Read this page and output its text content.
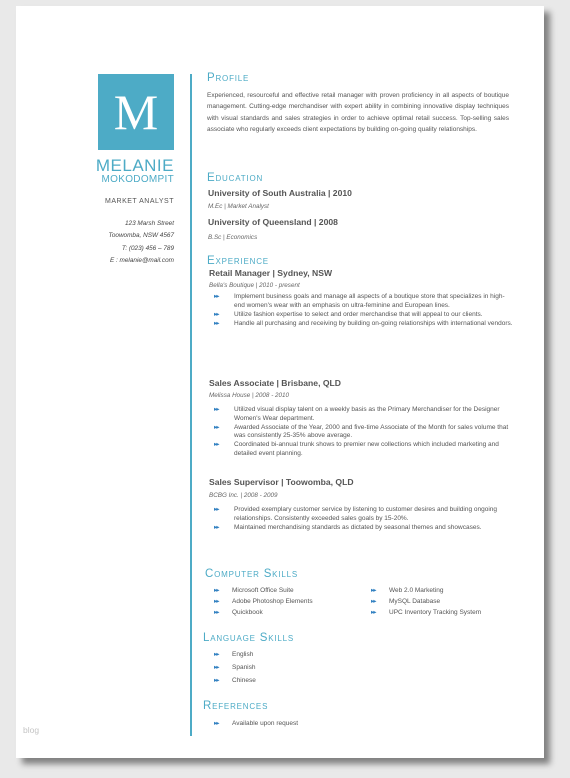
M
MELANIE
MOKODOMPIT
MARKET ANALYST
123 Marsh Street
Toowomba, NSW 4567
T: (023) 456 – 789
E : melanie@mail.com
Profile
Experienced, resourceful and effective retail manager with proven proficiency in all aspects of boutique management. Cutting-edge merchandiser with expert ability in combining innovative display techniques with visual standards and sales strategies in order to achieve optimal retail success. Top-selling sales associate who regularly exceeds client expectations by building on-going quality relationships.
Education
University of South Australia | 2010
M.Ec | Market Analyst
University of Queensland | 2008
B.Sc | Economics
Experience
Retail Manager | Sydney, NSW
Bella's Boutique | 2010 - present
▸▸ Implement business goals and manage all aspects of a boutique store that specializes in high-end women's wear with an emphasis on ultra-feminine and European lines.
▸▸ Utilize fashion expertise to select and order merchandise that will appeal to our clients.
▸▸ Handle all purchasing and receiving by building on-going relationships with international vendors.
Sales Associate | Brisbane, QLD
Melissa House | 2008 - 2010
▸▸ Utilized visual display talent on a weekly basis as the Primary Merchandiser for the Designer Women's Wear department.
▸▸ Awarded Associate of the Year, 2000 and five-time Associate of the Month for sales volume that was consistently 25-35% above average.
▸▸ Coordinated bi-annual trunk shows to premier new collections which included marketing and detailed event planning.
Sales Supervisor | Toowomba, QLD
BCBG Inc. | 2008 - 2009
▸▸ Provided exemplary customer service by listening to customer desires and building ongoing relationships. Consistently exceeded sales goals by 15-20%.
▸▸ Maintained merchandising standards as dictated by seasonal themes and showcases.
Computer Skills
▸▸ Microsoft Office Suite
▸▸ Adobe Photoshop Elements
▸▸ Quickbook
▸▸ Web 2.0 Marketing
▸▸ MySQL Database
▸▸ UPC Inventory Tracking System
Language Skills
▸▸ English
▸▸ Spanish
▸▸ Chinese
References
▸▸ Available upon request
blog
